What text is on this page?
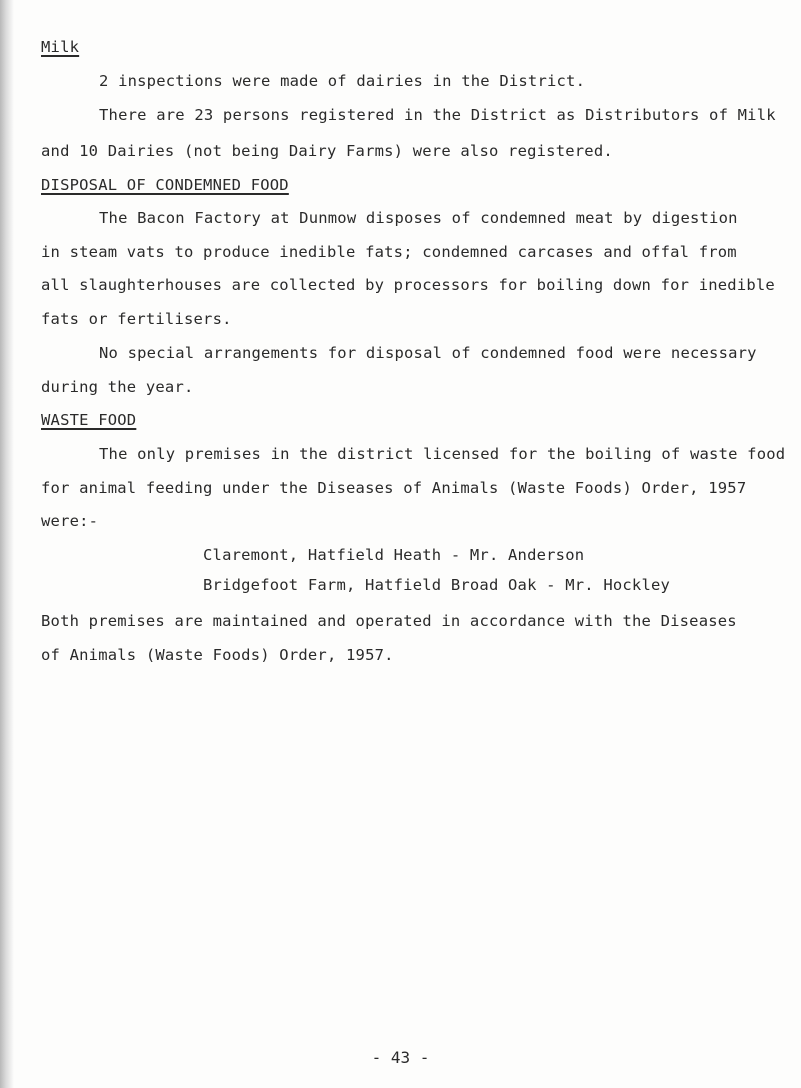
Milk
2 inspections were made of dairies in the District.
There are 23 persons registered in the District as Distributors of Milk
and 10 Dairies (not being Dairy Farms) were also registered.
DISPOSAL OF CONDEMNED FOOD
The Bacon Factory at Dunmow disposes of condemned meat by digestion
in steam vats to produce inedible fats; condemned carcases and offal from
all slaughterhouses are collected by processors for boiling down for inedible
fats or fertilisers.
No special arrangements for disposal of condemned food were necessary
during the year.
WASTE FOOD
The only premises in the district licensed for the boiling of waste food
for animal feeding under the Diseases of Animals (Waste Foods) Order, 1957
were:-
Claremont, Hatfield Heath - Mr. Anderson
Bridgefoot Farm, Hatfield Broad Oak - Mr. Hockley
Both premises are maintained and operated in accordance with the Diseases
of Animals (Waste Foods) Order, 1957.
- 43 -
